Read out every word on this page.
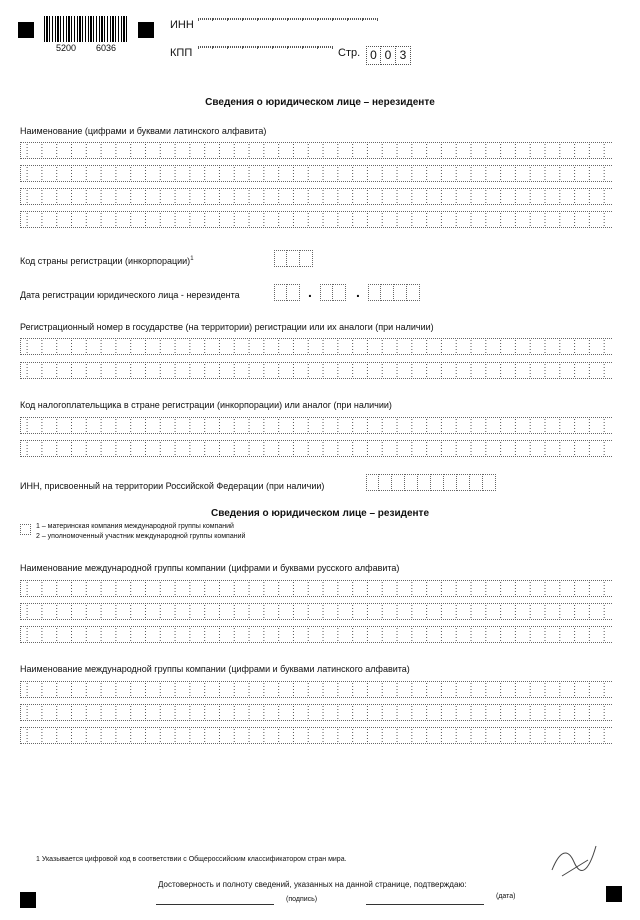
5200 6036
ИНН
КПП	Стр. 0 0 3
Сведения о юридическом лице – нерезиденте
Наименование (цифрами и буквами латинского алфавита)
Код страны регистрации (инкорпорации)$^1$
Дата регистрации юридического лица - нерезидента	.	.
Регистрационный номер в государстве (на территории) регистрации или их аналоги (при наличии)
Код налогоплательщика в стране регистрации (инкорпорации) или аналог (при наличии)
ИНН, присвоенный на территории Российской Федерации (при наличии)
Сведения о юридическом лице – резиденте
1 – материнская компания международной группы компаний
2 – уполномоченный участник международной группы компаний
Наименование международной группы компании (цифрами и буквами русского алфавита)
Наименование международной группы компании (цифрами и буквами латинского алфавита)
1 Указывается цифровой код в соответствии с Общероссийским классификатором стран мира.
Достоверность и полноту сведений, указанных на данной странице, подтверждаю:
(подпись)	(дата)
